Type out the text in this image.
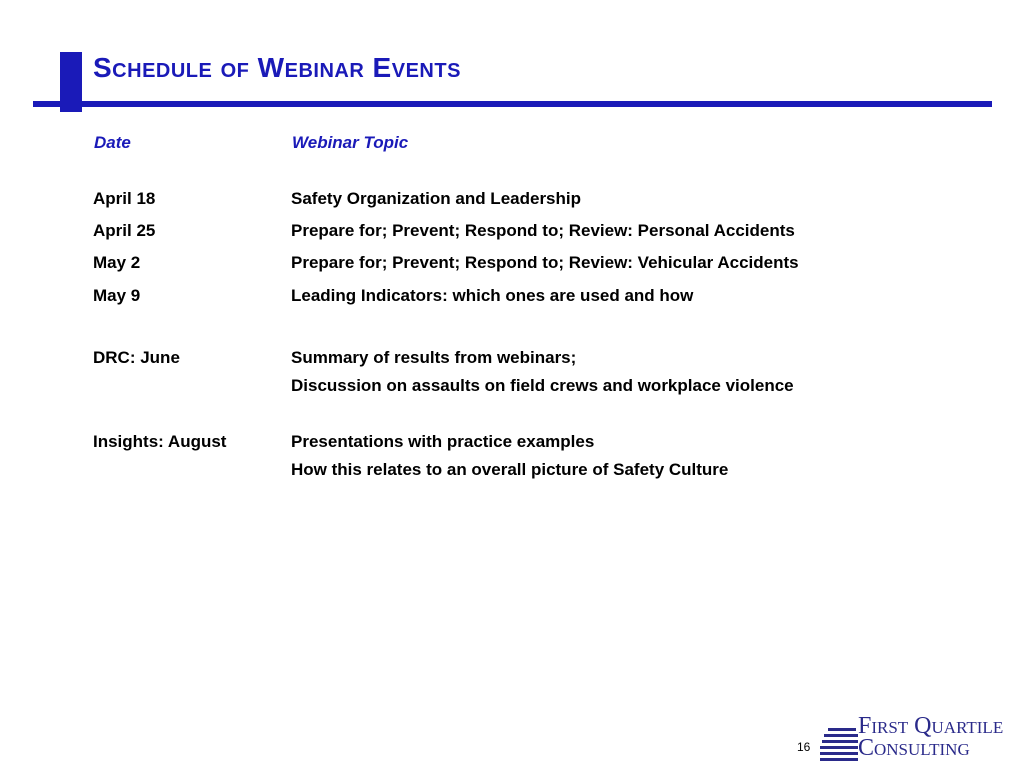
Schedule of Webinar Events
Date	Webinar Topic
April 18	Safety Organization and Leadership
April 25	Prepare for; Prevent; Respond to; Review: Personal Accidents
May 2	Prepare for; Prevent; Respond to; Review: Vehicular Accidents
May 9	Leading Indicators: which ones are used and how
DRC: June	Summary of results from webinars;
Discussion on assaults on field crews and workplace violence
Insights: August	Presentations with practice examples
How this relates to an overall picture of Safety Culture
16
First Quartile
Consulting
